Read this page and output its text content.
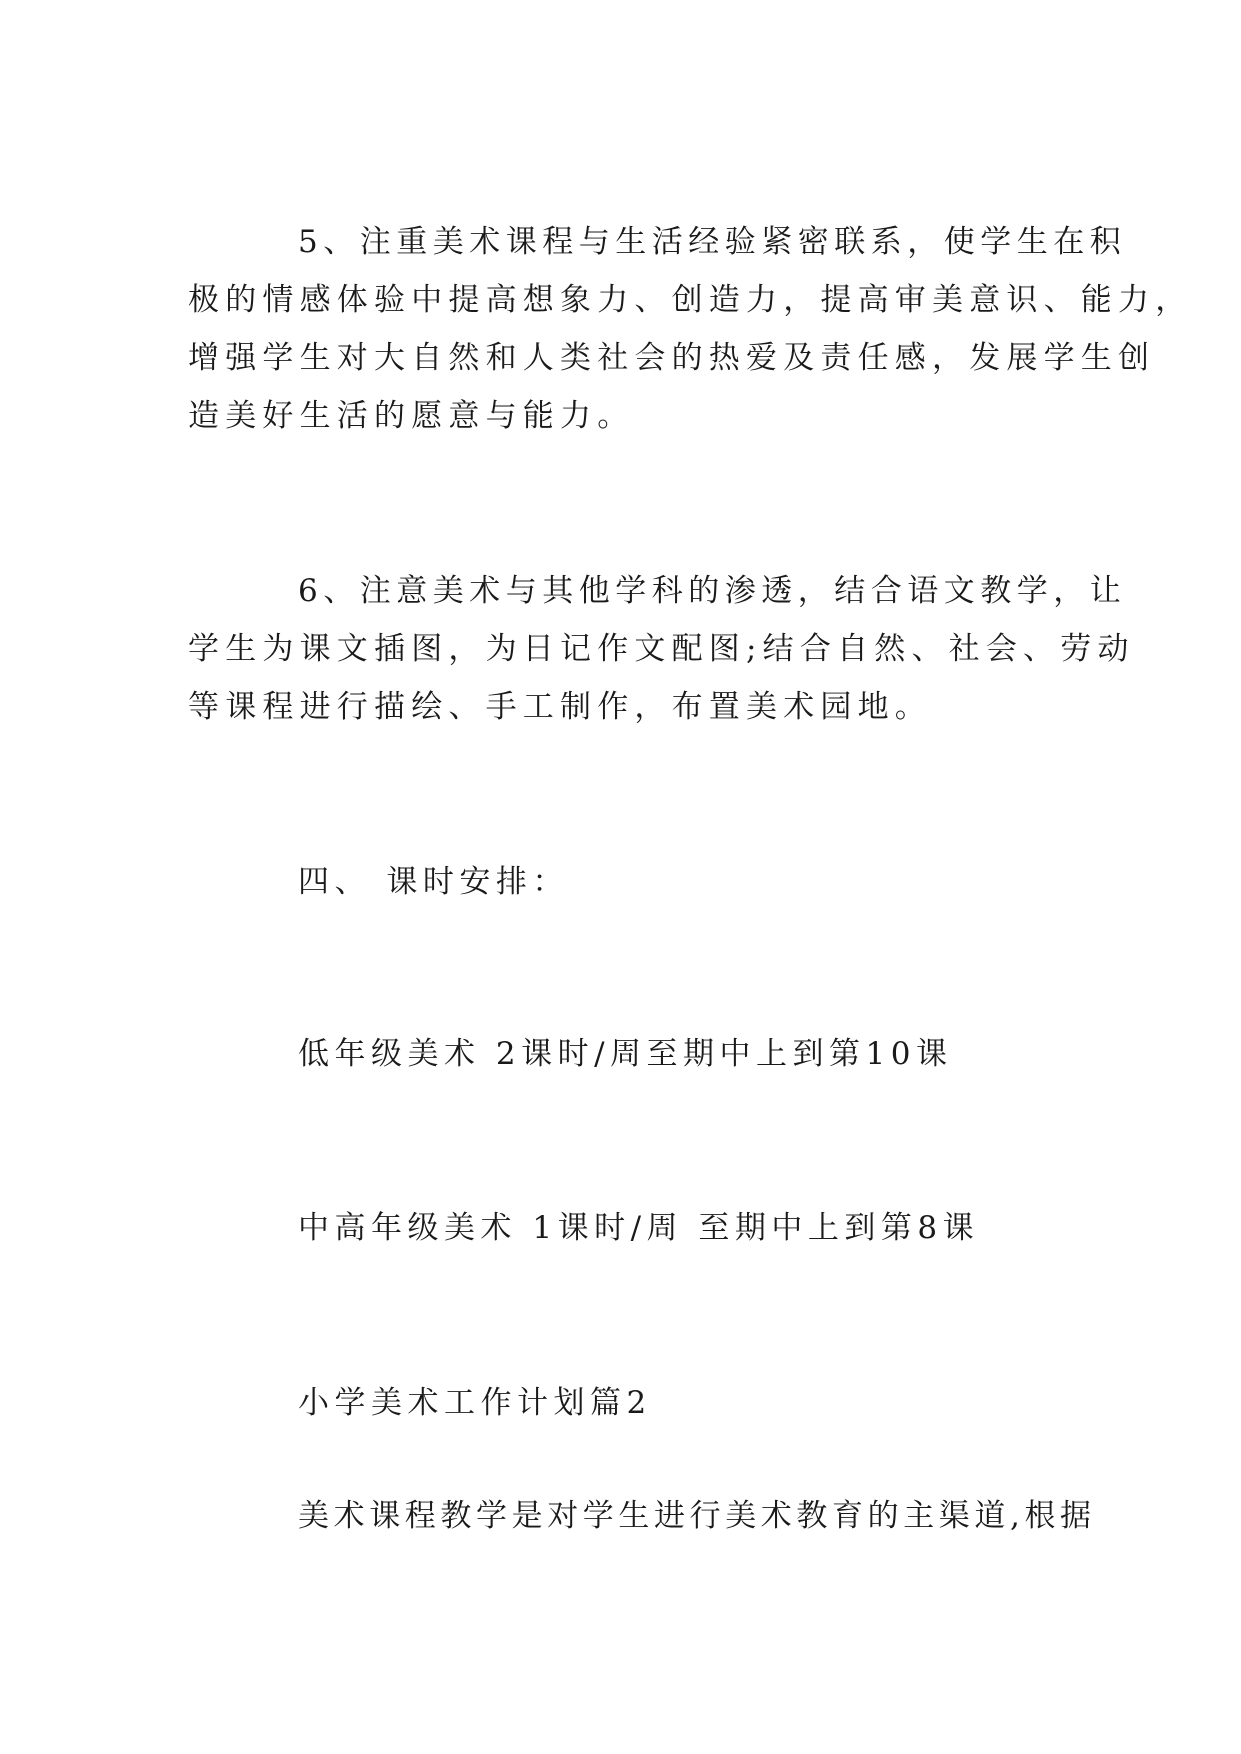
5、注重美术课程与生活经验紧密联系，使学生在积
极的情感体验中提高想象力、创造力，提高审美意识、能力，
增强学生对大自然和人类社会的热爱及责任感，发展学生创
造美好生活的愿意与能力。
6、注意美术与其他学科的渗透，结合语文教学，让
学生为课文插图，为日记作文配图;结合自然、社会、劳动
等课程进行描绘、手工制作，布置美术园地。
四、 课时安排：
低年级美术 2课时/周至期中上到第10课
中高年级美术 1课时/周 至期中上到第8课
小学美术工作计划篇2
美术课程教学是对学生进行美术教育的主渠道,根据
